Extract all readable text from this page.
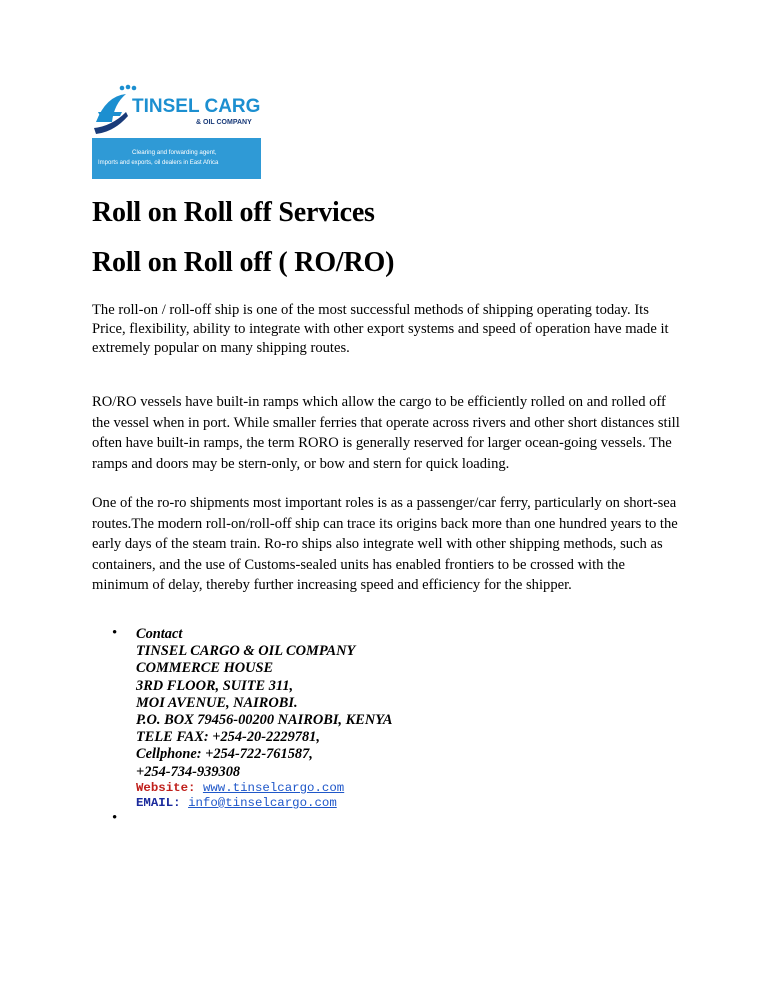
TINSEL CARGO
& OIL COMPANY
Clearing and forwarding agent,
Imports and exports, oil dealers in East Africa
Roll on Roll off Services
Roll on Roll off ( RO/RO)

The roll-on / roll-off ship is one of the most successful methods of shipping operating today. Its Price, flexibility, ability to integrate with other export systems and speed of operation have made it extremely popular on many shipping routes.

RO/RO vessels have built-in ramps which allow the cargo to be efficiently rolled on and rolled off the vessel when in port. While smaller ferries that operate across rivers and other short distances still often have built-in ramps, the term RORO is generally reserved for larger ocean-going vessels. The ramps and doors may be stern-only, or bow and stern for quick loading.

One of the ro-ro shipments most important roles is as a passenger/car ferry, particularly on short-sea routes.The modern roll-on/roll-off ship can trace its origins back more than one hundred years to the early days of the steam train. Ro-ro ships also integrate well with other shipping methods, such as containers, and the use of Customs-sealed units has enabled frontiers to be crossed with the minimum of delay, thereby further increasing speed and efficiency for the shipper.

• Contact
TINSEL CARGO & OIL COMPANY
COMMERCE HOUSE
3RD FLOOR, SUITE 311,
MOI AVENUE, NAIROBI.
P.O. BOX 79456-00200 NAIROBI, KENYA
TELE FAX: +254-20-2229781,
Cellphone: +254-722-761587,
+254-734-939308
Website: www.tinselcargo.com
EMAIL: info@tinselcargo.com
•
